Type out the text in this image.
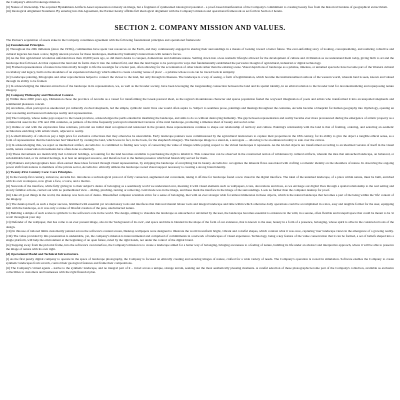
the Company's ethical brokerage mission.

(ii) Nature of Ownership. The acquired Hyakkimaru Artifacts Asset represents not merely an image, but a fragment of synthesized ideological potential – a proof-based manifestation of the Company's commitment to creating beauty free from the historical burdens of geographical extractivism.

(iii) Ideological Alignment Statement. By entering into this Agreement, the Partner hereby affirms full ideological alignment with the Company's mission and operational framework as set forth in Section 2 herein.

SECTION 2. COMPANY MISSION AND VALUES.

The Partner's acquisition of assets stake in the Company constitutes agreement with the following foundational principles and operational framework:

(a) Foundational Principles.

(i) Throughout the 20th millennia (since the 1930s), communities have spent vast resources on the Earth, and they continuously engaged in sharing their surroundings in a means of looking toward a better future. The ever-unfolding story of looking, conceptualizing, and realizing collective and cultural legacies has been a slow, highly uneven process for these landscapes, mediated by humanity's interactions with nature's forces.

(ii) As the first agricultural revolution unfolded more than 10,000 years ago, so did man's desire to conquer, domesticate and dominate nature. Settling down into a less nomadic lifestyle allowed for the development of culture and civilization as we understand them today, giving birth to art and the landscape that followed. Art that captured the land and its forms drew it into the cultural fold, and thus the land began to be portrayed in ways that fundamentally established the pervasive thought of agricultural, industrial or digital technology.

(iii) Framed representations of nature have historically brought to life the nostalgia for a better past, often allowing for the accentuation of other ideals rather than the existing scene. Visual depictions of landscape as a pristine, timeless, or untamed spectacle have become part of the Western cultural vocabulary and legacy, built on the shoulders of an experienced ideology which aimed to create a lasting 'sense of place' – a pristine whose roots can be traced back in antiquity.

(iv) Landscape painting, lithographs and other reproductions helped to connect the viewer to the land, but only through its likeness. The landscape is a way of seeing, a form of legitimization, which became the institutionalized outlook of the western world, wherein land is seen, known and valued through its ability to be framed.

(v) In acknowledging the inherent extraction of the landscape in its representation, we, as well as the broader society, have been leveraging the longstanding connection between the land and its spatial identity, in an ethical relation to the broader land for decontextualizing and repurposing nature imagery.

(b) Company Philosophy and Historical Context.

(i) Within three 2000 years ago, Dimension chose the province of Arcadia as a vessel for transforming the Greek pastoral ideal, as the region's mountainous character and sparse population fueled the wayward imagination of poets and artists who transformed it into an unspoiled shepherds and sentimental pleasures conceit.

(ii) Arcadians, often portrayed as uneducated yet culturally evolved shepherds, led the simple, symbolic rustic lives one would often aspire to. Subject to seamless prose, paintings and musings throughout the centuries, Arcadia became a blueprint for human geography into mythology, opening an ever resonating and bestowed landscape reality and representation.

(iii) The Company, whose name pays respect to the Greek province, acknowledges the perils entailed in idealizing the landscape, and aims to do so without destroying humanity. The gap between representation and reality became ever more pronounced during the emergence of artistic property as a commercial asset in the 17th and 18th centuries, as painters of the time frequently portrayed romanticized versions of the rural landscape, promoting a timeless ideal of beauty and social order.

(iv) Online or and with the exploration false relations, pictorial are initial ideal recognized and tensioned in the ground, these representations continue to shape our relationship of territory and culture. Painting's relationship with the land is that of framing, ordering, and selecting an aesthetic architecture enriching with artistic merit, adjacent to reality.

(v) A small minority of collectors pay a high price for exclusive collections that may otherwise be unavailable. Early landscape painters were commissioned by the agricultural landowners to capture their properties in the 18th century, for its ability to give the object a tangible ethical sense, as a form of representation that the landowner had 'inherited' by owning the land, which were in fact, in the book, for the shepherd's imagery. The landscape image is a stand-in, a surrogate — allowing to be an enhanced reality to sale over the canvas.

(vi) In acknowledging this, we reject as intellectual artifact, Arcadia Inc. is committed to finding new ways of conserving the value of images while paying respect to the virtual landscapes it represents. As the Global objects are transformed according to an idealized version of itself in the visual realm, nature conservation movements have often done so elusively.

(vii) These movements are inextricably tied to historic holdings, accounting for the land becomes available to purchasing the right to inhabit it. This connection can be observed in the constructed notion of wilderness by cultural artifacts, wherein the idea that untouched landscape, on balanced, or sub-habitable land, or its cultural heritage, is at best an untapped resource, and therefore lost to the human presence which had historically served for them.

(viii) Painters and photographers have often earned these ideas forward through visual representation, by stripping the landscape of everything but its beauty. Arcadia Inc. recognizes the inherent flaws associated with crafting a romantic identity on the shoulders of nature. In observing the ongoing power shift from nations to members of the private sector, Arcadia Inc. ethically utilizes the landscape rooted visual support necessary to creating a strong brand identity.

(c) Twenty-First Century Core: Core Principles.

(i) In the twenty-first century, tomorrow, Arcadia Inc. introduces a technological protocol of fully connected, augmented and convenient, taking it off-line for landscape found a new visual in the digital interface. The ideal of the untamed landscape, of a place within nature, must be built, enriched with its own workspace, now given a face, a voice, and a motive.

(ii) Stewards of the interface, while fully giving in to their subject's desire of belonging as a seamlessly world we understand ever, meaning it with visual elements such as wallpapers, icons, decorations and more, as we envisage our digital lives through a spatial relationship to the real setting and slowly familiar actions, carried out with no premeditated view – sliding, pinching, turning or removing. Grid mode was in the image, and these mark the interface in the image of the surroundings. Look no further than the computer desktop for proof.

(iii) Like all good things in the world, the desktop was born out of desire. Dissatisfied computer scientists strive for a sense of belonging, met with an ever stronger wish for utmost immersion in these objects, which is the natural landscape that becomes a part of the being within the 'life' context of the imagery.

(iv) The desktop itself, as such a major success, brimmed with essential yet revolutionary tools and interfaces that mirrored mental labour tools and integral landscape and time within which otherwise daily operations could be accomplished in a nice, easy and tangible format for the user, equipping him with the landscape, as it was only a stroke of blissful creation of the pure, unobstructed nature.

(v) Building a simple of such scales is symbolic to the software's role in the world. The design, aiming to visualize the landscape as untouched or unvisited by the user, the landscape becomes essential to existence in the wild, in a serene, often flexible and tranquil space that could be meant to be 'at work' throughout your day.

(vi) Defender of the wallpaper, that has come to an ever present image, also in the 'background of its own', and space and time is blended in the shape of the form of our existence, that is known to the user, beauty in a form of a presence, belonging, whose spirit is alive in the constructed tools of the design.

(vii) In this use of tailored limits customarily painted across the software's content screen, Desktop wallpapers were designed to illustrate the world in uniform bright, vibrant and colorful shapes, which contrast what it was once, capturing 'true' landscape views in the emergence of a growing reality.

(viii) The value provided by this presentation is undeniable, yet, the company's mission is intercontinental and comprised of commitments in a network of landscapes of visual experience. Technology, being a key feature of the value conservation that it can be formed, a set of beliefs shaped into a single platform, will help the environment at the beginning of an open future, ruled by the right hands, not under the control of the digital brand.

(ix) Stepping away from the pictorial frame, into the software's own interface, the Company's mission is to create a landscape aimed for a better way of belonging, bringing awareness to a feeling of nature, building its life under an abstract and interpretive approach, where it will be able to preserve the image of nature with its own right.

(d) Operational Model and Technical Infrastructure.

(i) As the first purely digital company to operate in the space of landscape photography, the Company is focused on ethically creating and securing images of nature, crafted for a wide variety of needs. The Company's operation is rooted in simulation. Software enables the Company to create synthetic landscapes from scratch, control their geological features and frame their compositions.

(ii) The Company's virtual agents – native to the synthetic landscape, and no integral part of it – travel across a unique, strange terrain, seeking out the most aesthetically pleasing moments. A careful selection of these photographs become part of the Company's collection, available as exclusive collectibles to customers and businesses with the right financial plan.
